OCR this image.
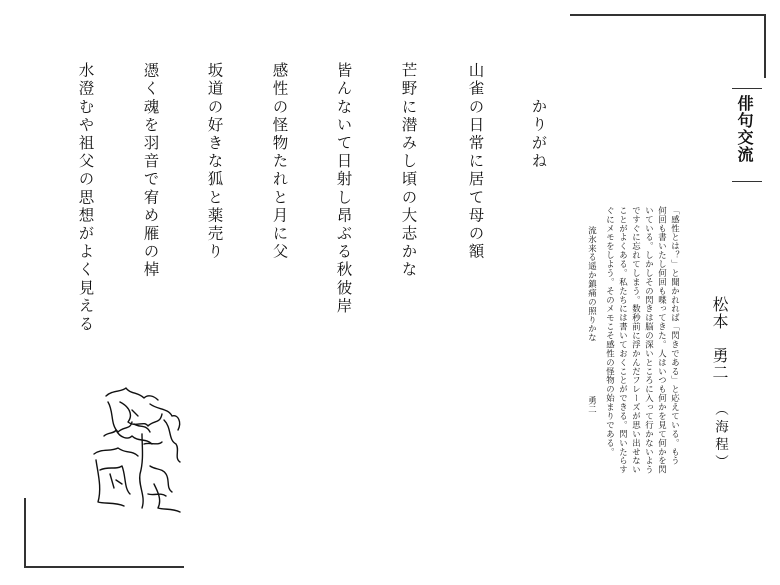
俳句交流
かりがね
山雀の日常に居て母の額
芒野に潜みし頃の大志かな
皆んないて日射し昂ぶる秋彼岸
感性の怪物たれと月に父
坂道の好きな狐と薬売り
憑く魂を羽音で宥め雁の棹
水澄むや祖父の思想がよく見える
松本　勇二
（海程）
「感性とは？」と聞かれれば「閃きである」と応えている。もう
何回も書いたし何回も喋ってきた。人はいつも何かを見て何かを閃
いている。しかしその閃きは脳の深いところに入って行かないよう
ですぐに忘れてしまう。数秒前に浮かんだフレーズが思い出せない
ことがよくある。私たちには書いておくことができる。閃いたらす
ぐにメモをしよう。そのメモこそ感性の怪物の始まりである。
流氷来る遥か鎮痛の照りかな
勇二
